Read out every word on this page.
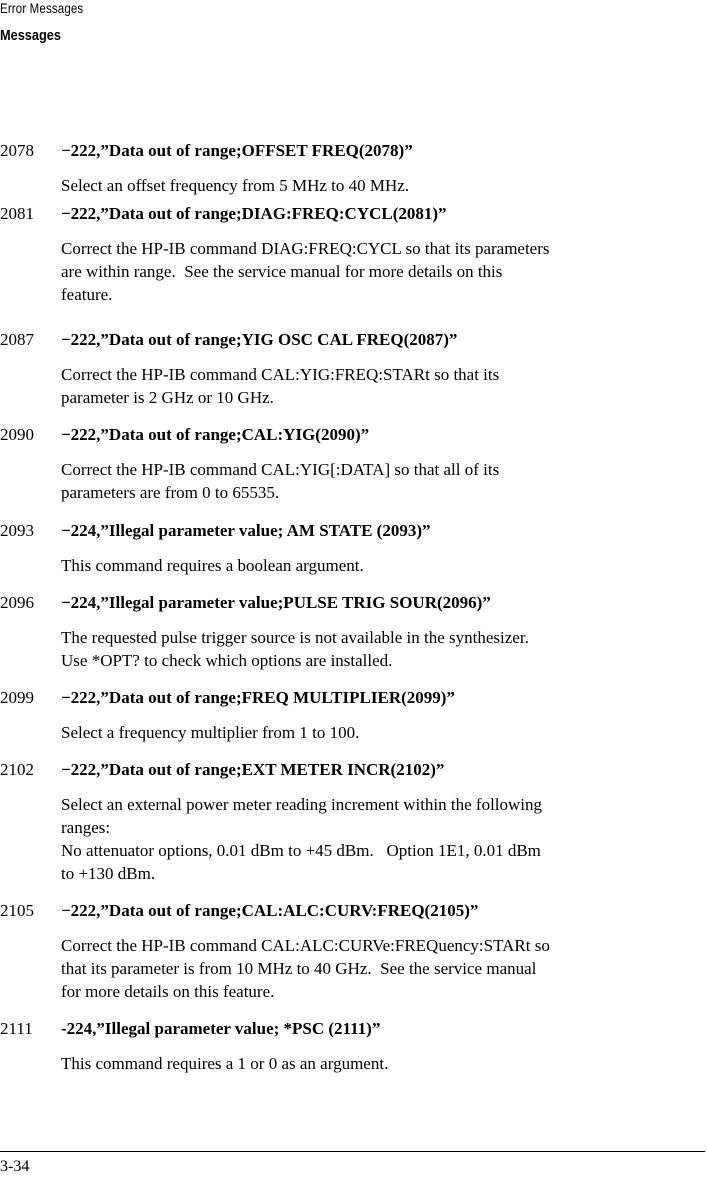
Error Messages
Messages
2078 −222,”Data out of range;OFFSET FREQ(2078)”
Select an offset frequency from 5 MHz to 40 MHz.
2081 −222,”Data out of range;DIAG:FREQ:CYCL(2081)”
Correct the HP-IB command DIAG:FREQ:CYCL so that its parameters
are within range.  See the service manual for more details on this
feature.
2087 −222,”Data out of range;YIG OSC CAL FREQ(2087)”
Correct the HP-IB command CAL:YIG:FREQ:STARt so that its
parameter is 2 GHz or 10 GHz.
2090 −222,”Data out of range;CAL:YIG(2090)”
Correct the HP-IB command CAL:YIG[:DATA] so that all of its
parameters are from 0 to 65535.
2093 −224,”Illegal parameter value; AM STATE (2093)”
This command requires a boolean argument.
2096 −224,”Illegal parameter value;PULSE TRIG SOUR(2096)”
The requested pulse trigger source is not available in the synthesizer.
Use *OPT? to check which options are installed.
2099 −222,”Data out of range;FREQ MULTIPLIER(2099)”
Select a frequency multiplier from 1 to 100.
2102 −222,”Data out of range;EXT METER INCR(2102)”
Select an external power meter reading increment within the following
ranges:
No attenuator options, 0.01 dBm to +45 dBm.   Option 1E1, 0.01 dBm
to +130 dBm.
2105 −222,”Data out of range;CAL:ALC:CURV:FREQ(2105)”
Correct the HP-IB command CAL:ALC:CURVe:FREQuency:STARt so
that its parameter is from 10 MHz to 40 GHz.  See the service manual
for more details on this feature.
2111 -224,”Illegal parameter value; *PSC (2111)”
This command requires a 1 or 0 as an argument.
3-34
